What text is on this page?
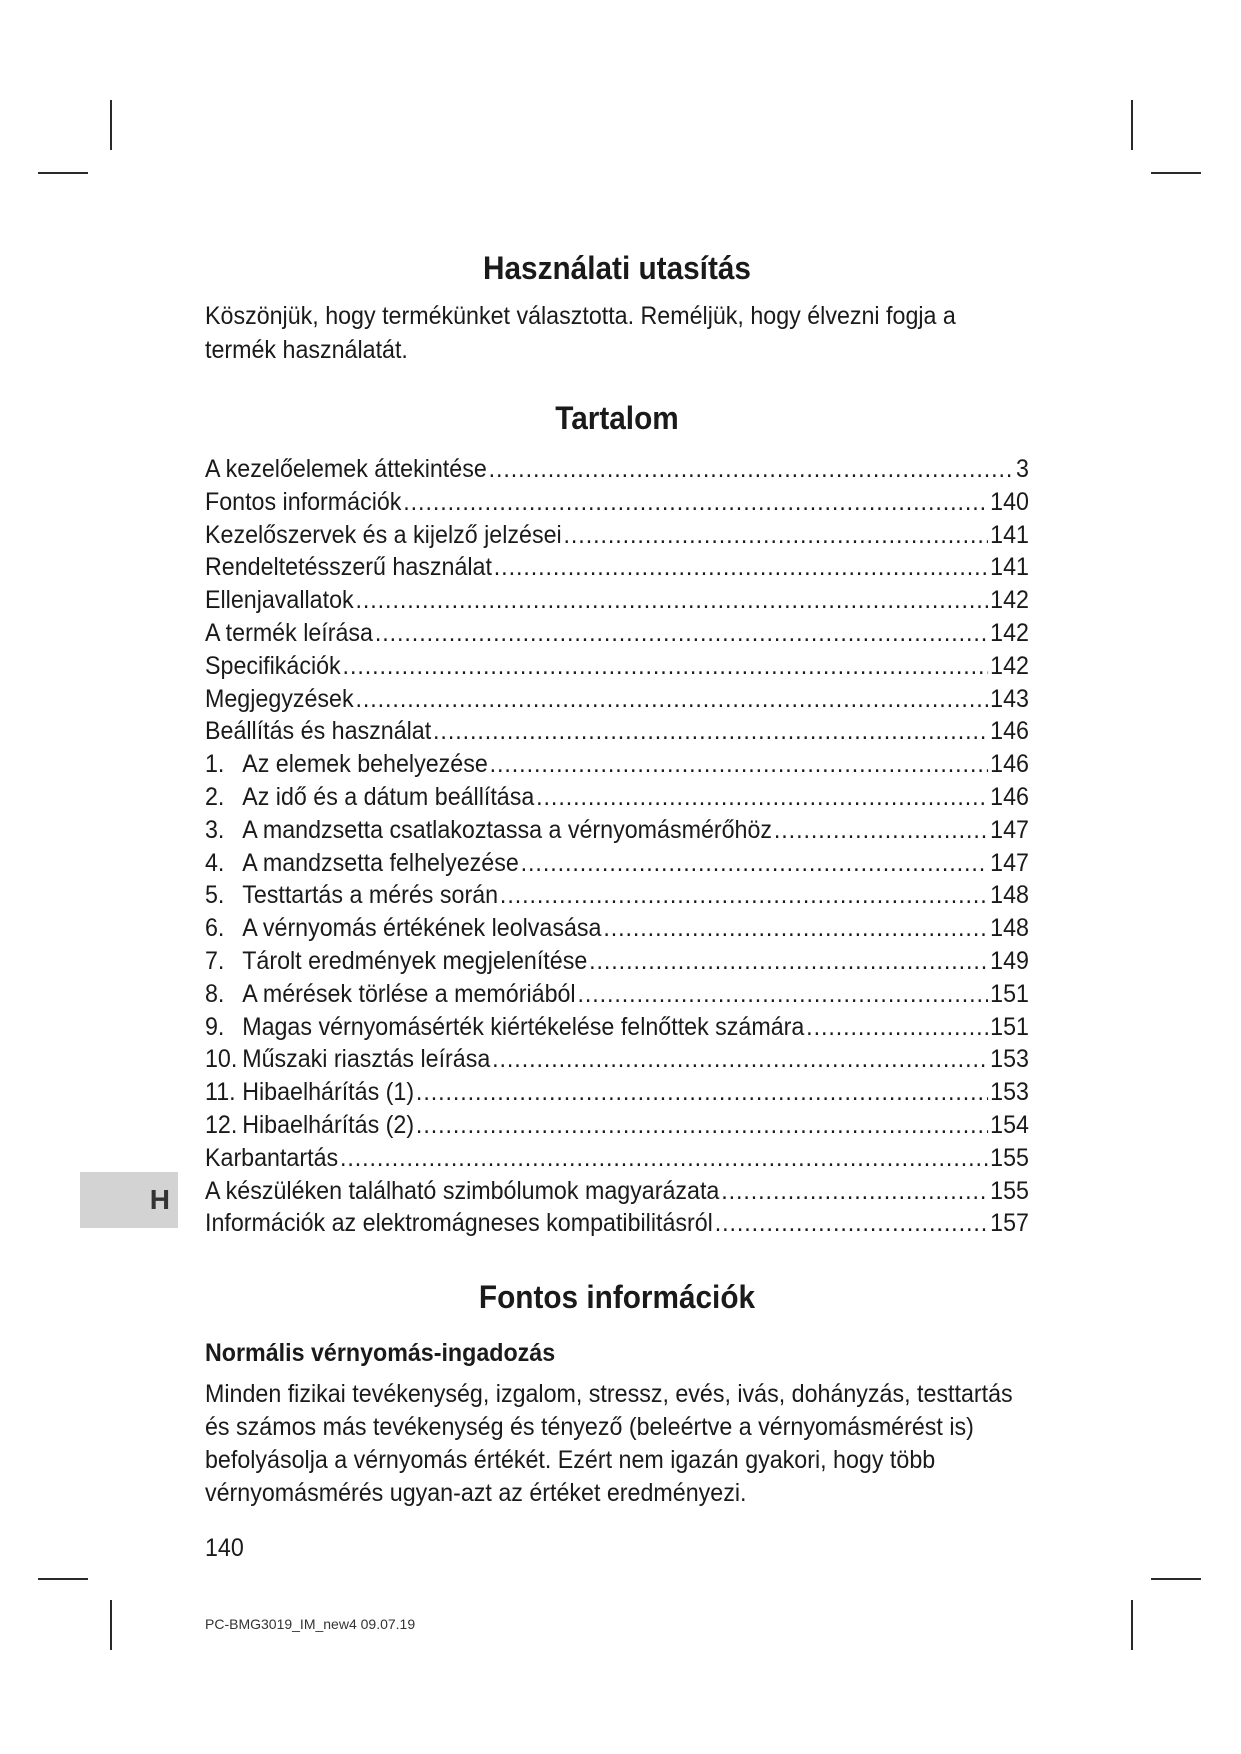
H
Használati utasítás

Köszönjük, hogy termékünket választotta. Reméljük, hogy élvezni fogja a termék használatát.

Tartalom
A kezelőelemek áttekintése .....	3
Fontos információk .....	140
Kezelőszervek és a kijelző jelzései .....	141
Rendeltetésszerű használat .....	141
Ellenjavallatok .....	142
A termék leírása .....	142
Specifikációk .....	142
Megjegyzések .....	143
Beállítás és használat .....	146
1. Az elemek behelyezése .....	146
2. Az idő és a dátum beállítása .....	146
3. A mandzsetta csatlakoztassa a vérnyomásmérőhöz .....	147
4. A mandzsetta felhelyezése .....	147
5. Testtartás a mérés során .....	148
6. A vérnyomás értékének leolvasása .....	148
7. Tárolt eredmények megjelenítése .....	149
8. A mérések törlése a memóriából .....	151
9. Magas vérnyomásérték kiértékelése felnőttek számára .....	151
10. Műszaki riasztás leírása .....	153
11. Hibaelhárítás (1) .....	153
12. Hibaelhárítás (2) .....	154
Karbantartás .....	155
A készüléken található szimbólumok magyarázata .....	155
Információk az elektromágneses kompatibilitásról .....	157
Fontos információk
Normális vérnyomás-ingadozás

Minden fizikai tevékenység, izgalom, stressz, evés, ivás, dohányzás, testtartás és számos más tevékenység és tényező (beleértve a vérnyomásmérést is) befolyásolja a vérnyomás értékét. Ezért nem igazán gyakori, hogy több vérnyomásmérés ugyan-azt az értéket eredményezi.

140
PC-BMG3019_IM_new4 09.07.19
